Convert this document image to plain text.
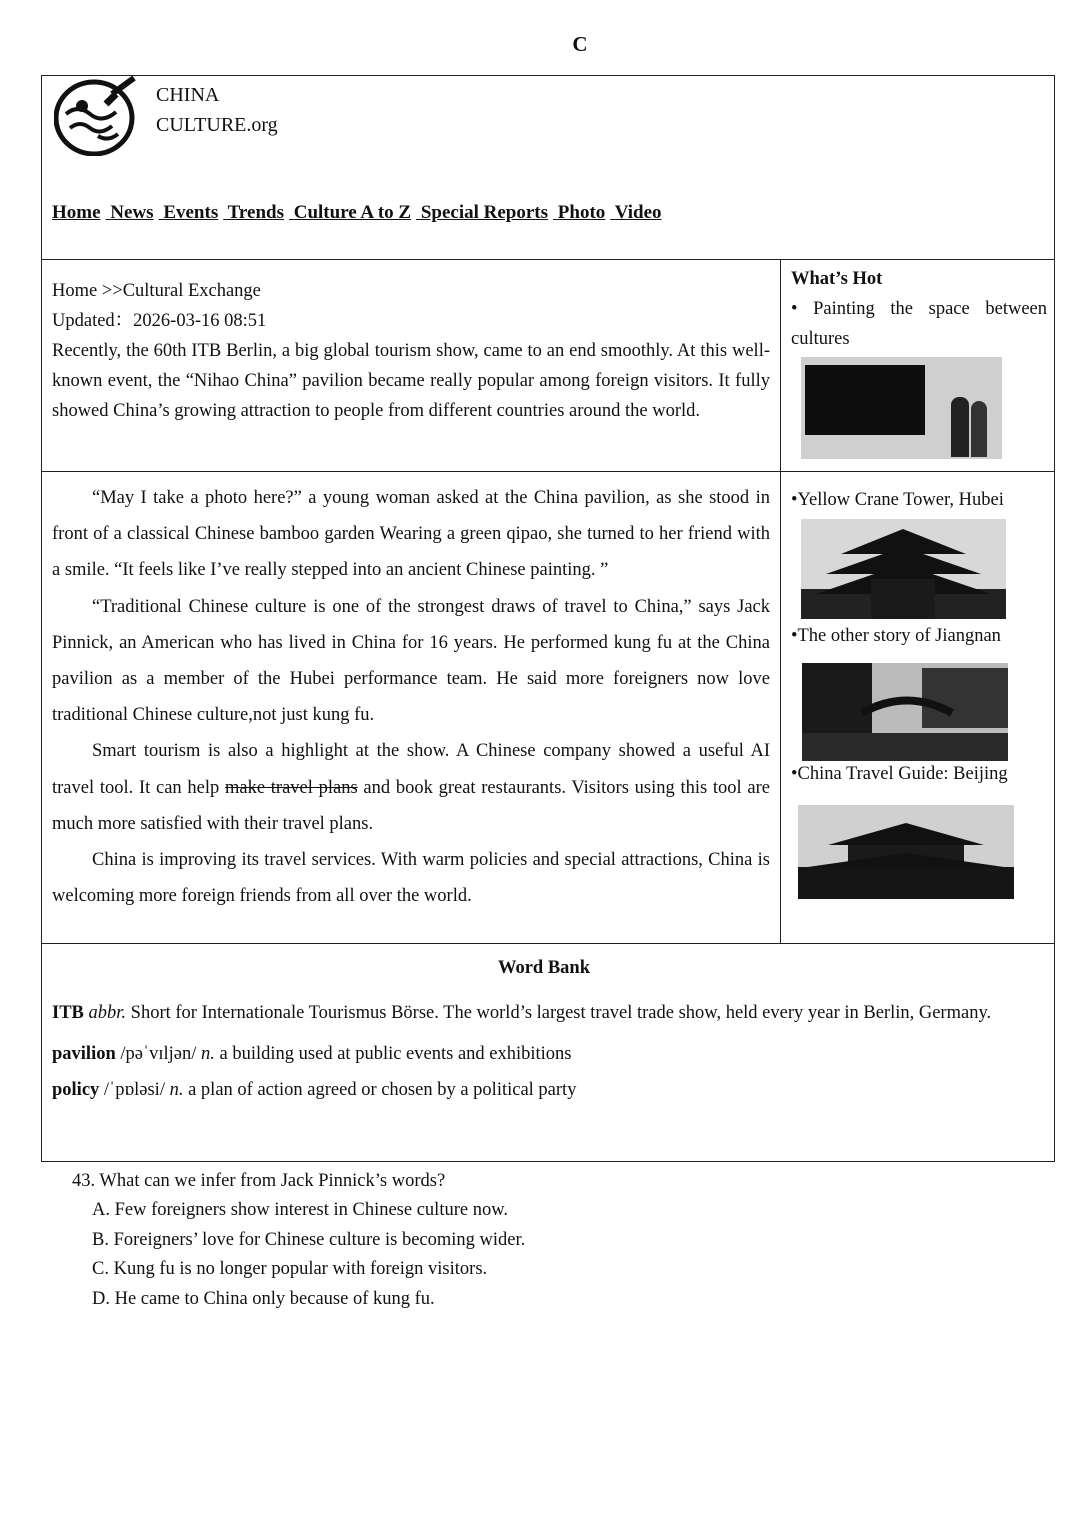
C
CHINA
CULTURE.org
Home News Events Trends Culture A to Z Special Reports Photo Video
Home >>Cultural Exchange
Updated：2026-03-16 08:51
Recently, the 60th ITB Berlin, a big global tourism show, came to an end smoothly. At this well-known event, the “Nihao China” pavilion became really popular among foreign visitors. It fully showed China’s growing attraction to people from different countries around the world.

“May I take a photo here?” a young woman asked at the China pavilion, as she stood in front of a classical Chinese bamboo garden Wearing a green qipao, she turned to her friend with a smile. “It feels like I’ve really stepped into an ancient Chinese painting. ”

“Traditional Chinese culture is one of the strongest draws of travel to China,” says Jack Pinnick, an American who has lived in China for 16 years. He performed kung fu at the China pavilion as a member of the Hubei performance team. He said more foreigners now love traditional Chinese culture,not just kung fu.

Smart tourism is also a highlight at the show. A Chinese company showed a useful AI travel tool. It can help make travel plans and book great restaurants. Visitors using this tool are much more satisfied with their travel plans.

China is improving its travel services. With warm policies and special attractions, China is welcoming more foreign friends from all over the world.

What’s Hot
• Painting the space between cultures
•Yellow Crane Tower, Hubei
•The other story of Jiangnan
•China Travel Guide: Beijing
Word Bank

ITB abbr. Short for Internationale Tourismus Börse. The world’s largest travel trade show, held every year in Berlin, Germany.

pavilion /pəˈvɪljən/ n. a building used at public events and exhibitions

policy /ˈpɒləsi/ n. a plan of action agreed or chosen by a political party

43. What can we infer from Jack Pinnick’s words?
A. Few foreigners show interest in Chinese culture now.
B. Foreigners’ love for Chinese culture is becoming wider.
C. Kung fu is no longer popular with foreign visitors.
D. He came to China only because of kung fu.
